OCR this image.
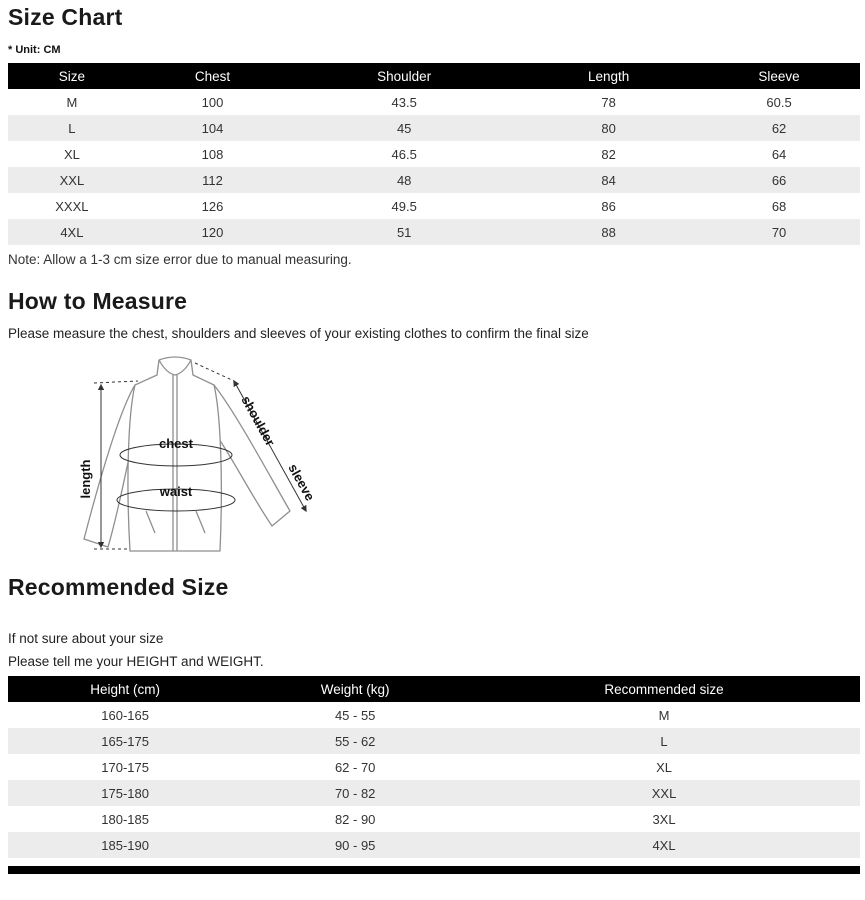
Size Chart
* Unit: CM
Size	Chest	Shoulder	Length	Sleeve
M	100	43.5	78	60.5
L	104	45	80	62
XL	108	46.5	82	64
XXL	112	48	84	66
XXXL	126	49.5	86	68
4XL	120	51	88	70
Note: Allow a 1-3 cm size error due to manual measuring.
How to Measure
Please measure the chest, shoulders and sleeves of your existing clothes to confirm the final size
length
chest
waist
shoulder
sleeve
Recommended Size
If not sure about your size
Please tell me your HEIGHT and WEIGHT.
Height (cm)	Weight (kg)	Recommended size
160-165	45 - 55	M
165-175	55 - 62	L
170-175	62 - 70	XL
175-180	70 - 82	XXL
180-185	82 - 90	3XL
185-190	90 - 95	4XL
